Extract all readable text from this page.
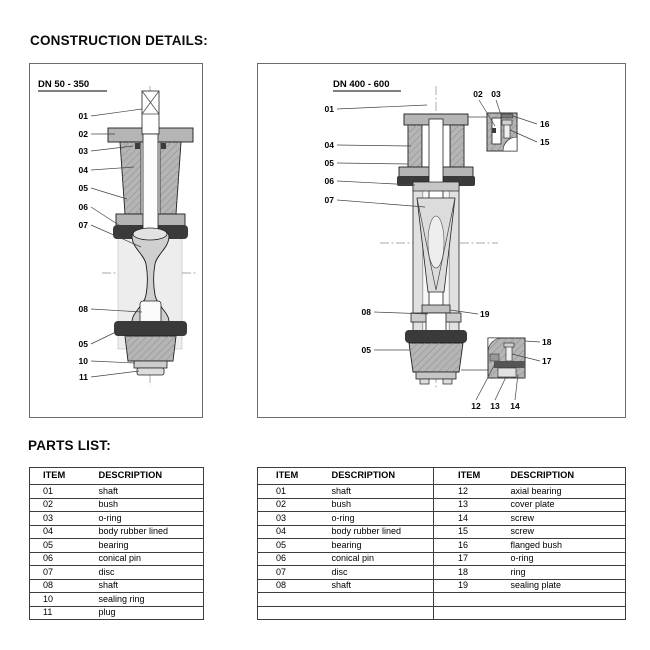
CONSTRUCTION DETAILS:
DN 50 - 350
01
02
03
04
05
06
07
08
05
10
11
DN 400 - 600
02 03
16
15
18
17
12 13 14
01
04
05
06
07
08	19
05
PARTS LIST:
ITEM	DESCRIPTION
01	shaft
02	bush
03	o-ring
04	body rubber lined
05	bearing
06	conical pin
07	disc
08	shaft
10	sealing ring
11	plug
ITEM	DESCRIPTION	ITEM	DESCRIPTION
01	shaft	12	axial bearing
02	bush	13	cover plate
03	o-ring	14	screw
04	body rubber lined	15	screw
05	bearing	16	flanged bush
06	conical pin	17	o-ring
07	disc	18	ring
08	shaft	19	sealing plate
